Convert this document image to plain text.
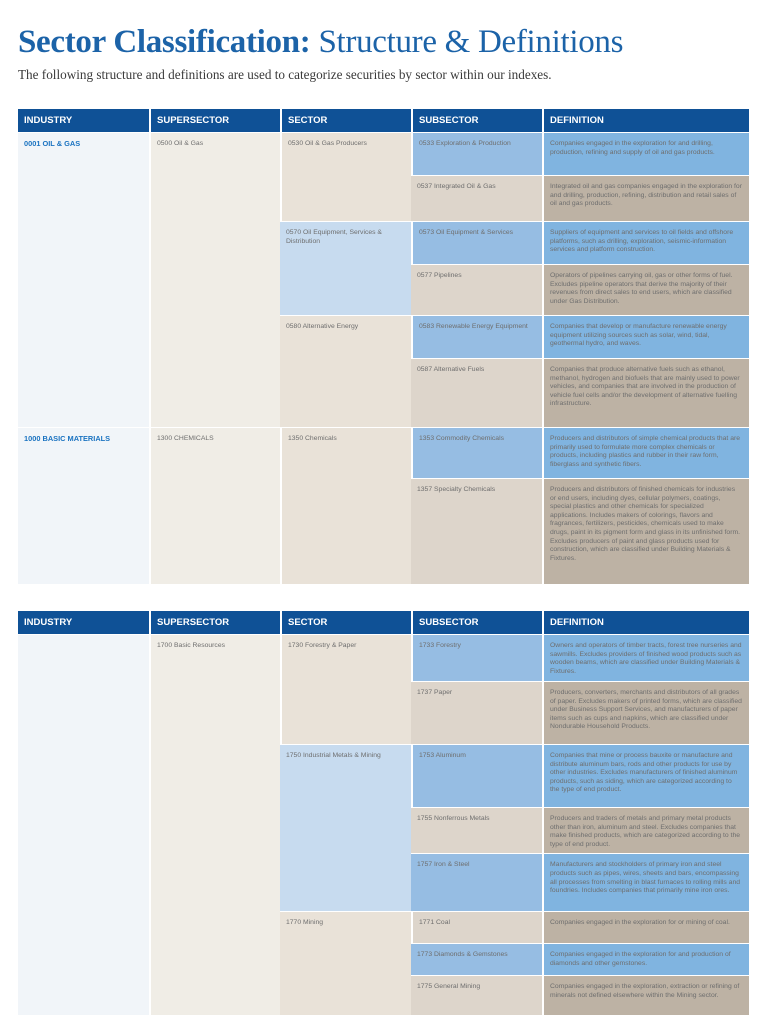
Sector Classification: Structure & Definitions

The following structure and definitions are used to categorize securities by sector within our indexes.

INDUSTRY	SUPERSECTOR	SECTOR	SUBSECTOR	DEFINITION
0001 OIL & GAS	0500 Oil & Gas	0530 Oil & Gas Producers	0533 Exploration & Production	Companies engaged in the exploration for and drilling, production, refining and supply of oil and gas products.
			0537 Integrated Oil & Gas	Integrated oil and gas companies engaged in the exploration for and drilling, production, refining, distribution and retail sales of oil and gas products.
		0570 Oil Equipment, Services & Distribution	0573 Oil Equipment & Services	Suppliers of equipment and services to oil fields and offshore platforms, such as drilling, exploration, seismic-information services and platform construction.
			0577 Pipelines	Operators of pipelines carrying oil, gas or other forms of fuel. Excludes pipeline operators that derive the majority of their revenues from direct sales to end users, which are classified under Gas Distribution.
		0580 Alternative Energy	0583 Renewable Energy Equipment	Companies that develop or manufacture renewable energy equipment utilizing sources such as solar, wind, tidal, geothermal hydro, and waves.
			0587 Alternative Fuels	Companies that produce alternative fuels such as ethanol, methanol, hydrogen and biofuels that are mainly used to power vehicles, and companies that are involved in the production of vehicle fuel cells and/or the development of alternative fuelling infrastructure.
1000 BASIC MATERIALS	1300 CHEMICALS	1350 Chemicals	1353 Commodity Chemicals	Producers and distributors of simple chemical products that are primarily used to formulate more complex chemicals or products, including plastics and rubber in their raw form, fiberglass and synthetic fibers.
			1357 Specialty Chemicals	Producers and distributors of finished chemicals for industries or end users, including dyes, cellular polymers, coatings, special plastics and other chemicals for specialized applications. Includes makers of colorings, flavors and fragrances, fertilizers, pesticides, chemicals used to make drugs, paint in its pigment form and glass in its unfinished form. Excludes producers of paint and glass products used for construction, which are classified under Building Materials & Fixtures.
INDUSTRY	SUPERSECTOR	SECTOR	SUBSECTOR	DEFINITION
	1700 Basic Resources	1730 Forestry & Paper	1733 Forestry	Owners and operators of timber tracts, forest tree nurseries and sawmills. Excludes providers of finished wood products such as wooden beams, which are classified under Building Materials & Fixtures.
			1737 Paper	Producers, converters, merchants and distributors of all grades of paper. Excludes makers of printed forms, which are classified under Business Support Services, and manufacturers of paper items such as cups and napkins, which are classified under Nondurable Household Products.
		1750 Industrial Metals & Mining	1753 Aluminum	Companies that mine or process bauxite or manufacture and distribute aluminum bars, rods and other products for use by other industries. Excludes manufacturers of finished aluminum products, such as siding, which are categorized according to the type of end product.
			1755 Nonferrous Metals	Producers and traders of metals and primary metal products other than iron, aluminum and steel. Excludes companies that make finished products, which are categorized according to the type of end product.
			1757 Iron & Steel	Manufacturers and stockholders of primary iron and steel products such as pipes, wires, sheets and bars, encompassing all processes from smelting in blast furnaces to rolling mills and foundries. Includes companies that primarily mine iron ores.
		1770 Mining	1771 Coal	Companies engaged in the exploration for or mining of coal.
			1773 Diamonds & Gemstones	Companies engaged in the exploration for and production of diamonds and other gemstones.
			1775 General Mining	Companies engaged in the exploration, extraction or refining of minerals not defined elsewhere within the Mining sector.
